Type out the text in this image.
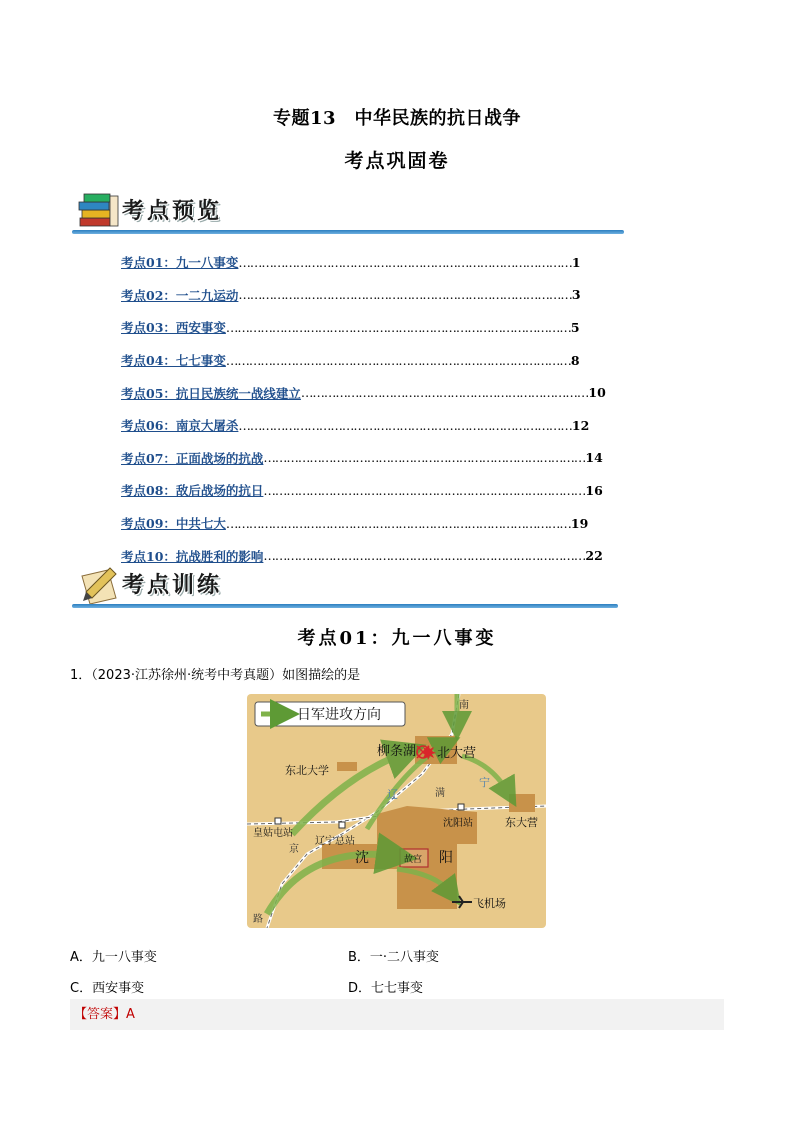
专题13　中华民族的抗日战争
考点巩固卷
考点预览
考点01：九一八事变 …………………………………………………………………………… 1
考点02：一二九运动 …………………………………………………………………………… 3
考点03：西安事变 ……………………………………………………………………………… 5
考点04：七七事变 ……………………………………………………………………………… 8
考点05：抗日民族统一战线建立 ………………………………………………………………… 10
考点06：南京大屠杀 …………………………………………………………………………… 12
考点07：正面战场的抗战 ………………………………………………………………………… 14
考点08：敌后战场的抗日 ………………………………………………………………………… 16
考点09：中共七大 ……………………………………………………………………………… 19
考点10：抗战胜利的影响 ………………………………………………………………………… 22
考点训练
考点01：九一八事变
1．（2023·江苏徐州·统考中考真题）如图描绘的是
日军进攻方向
南
北大营
柳条湖
东北大学
辽
宁
满
沈阳站	东大营
皇姑屯站
辽宁总站
京
沈	阳
故宫
飞机场
路
A．九一八事变	B．一·二八事变
C．西安事变	D．七七事变
【答案】A
